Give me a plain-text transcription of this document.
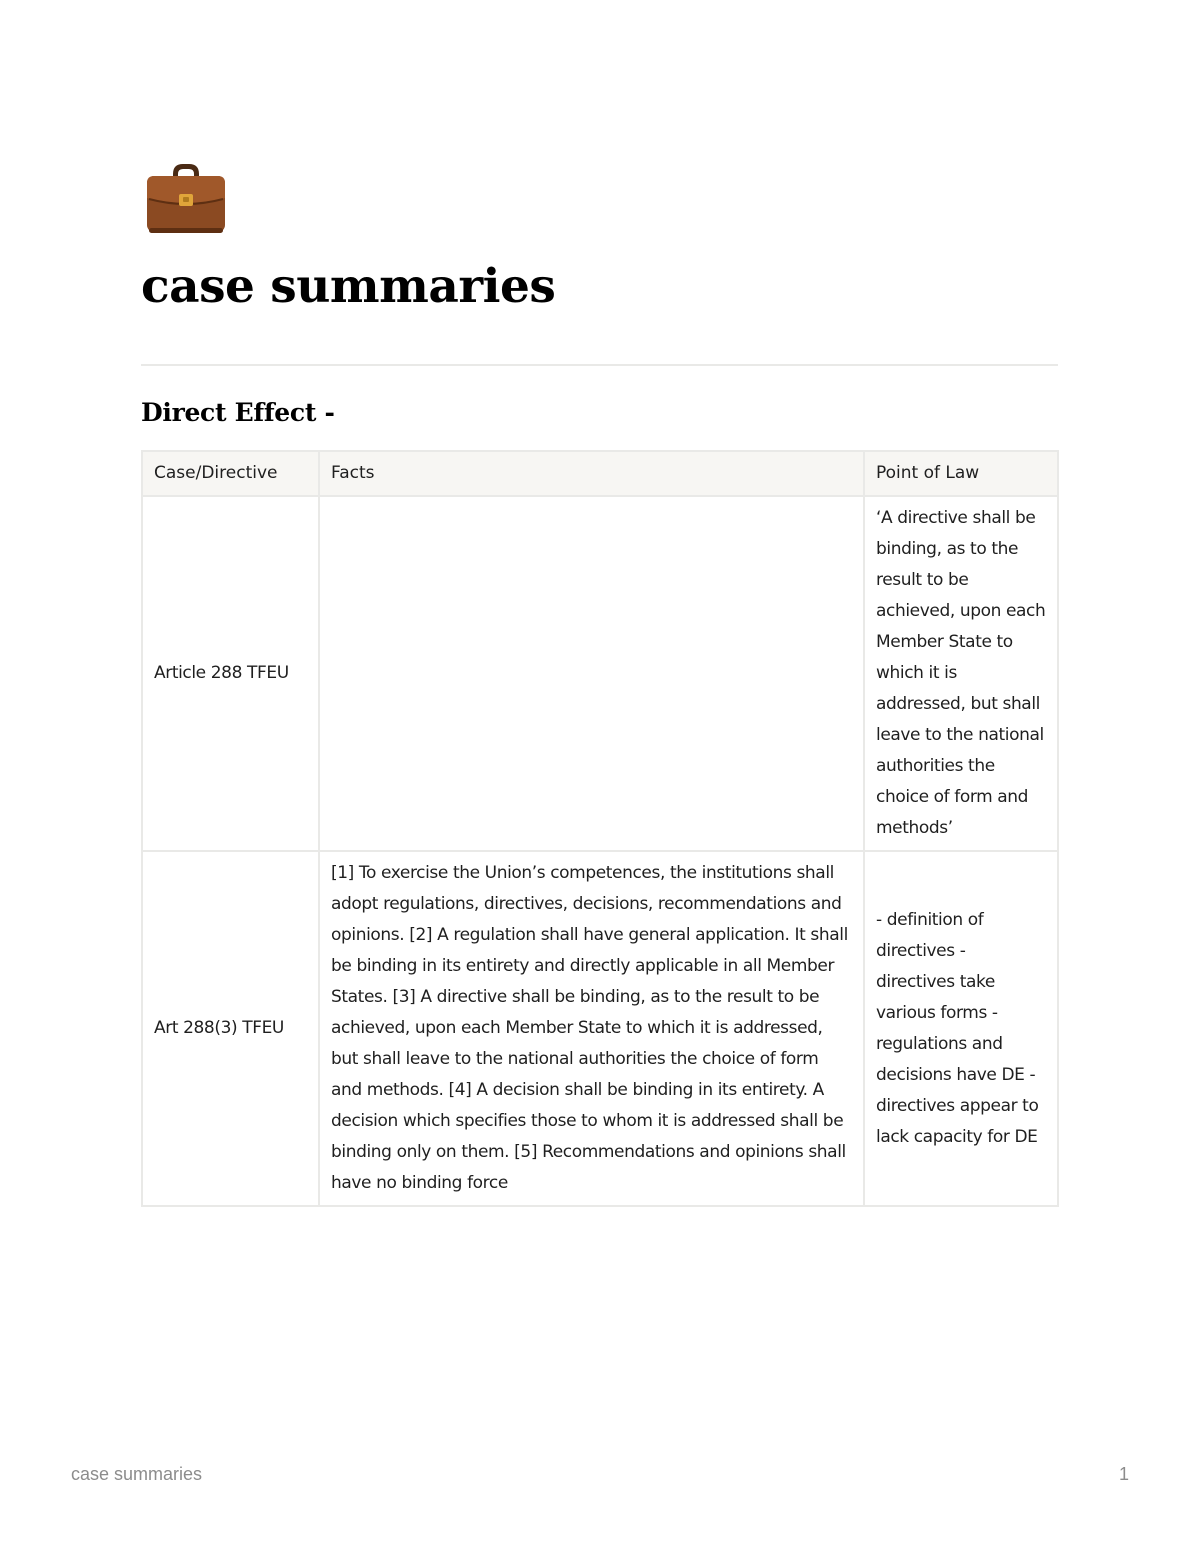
case summaries
Direct Effect -
Case/Directive	Facts	Point of Law
Article 288 TFEU		‘A directive shall be binding, as to the result to be achieved, upon each Member State to which it is addressed, but shall leave to the national authorities the choice of form and methods’
Art 288(3) TFEU	[1] To exercise the Union’s competences, the institutions shall adopt regulations, directives, decisions, recommendations and opinions. [2] A regulation shall have general application. It shall be binding in its entirety and directly applicable in all Member States. [3] A directive shall be binding, as to the result to be achieved, upon each Member State to which it is addressed, but shall leave to the national authorities the choice of form and methods. [4] A decision shall be binding in its entirety. A decision which specifies those to whom it is addressed shall be binding only on them. [5] Recommendations and opinions shall have no binding force	- definition of directives - directives take various forms - regulations and decisions have DE - directives appear to lack capacity for DE
case summaries	1
